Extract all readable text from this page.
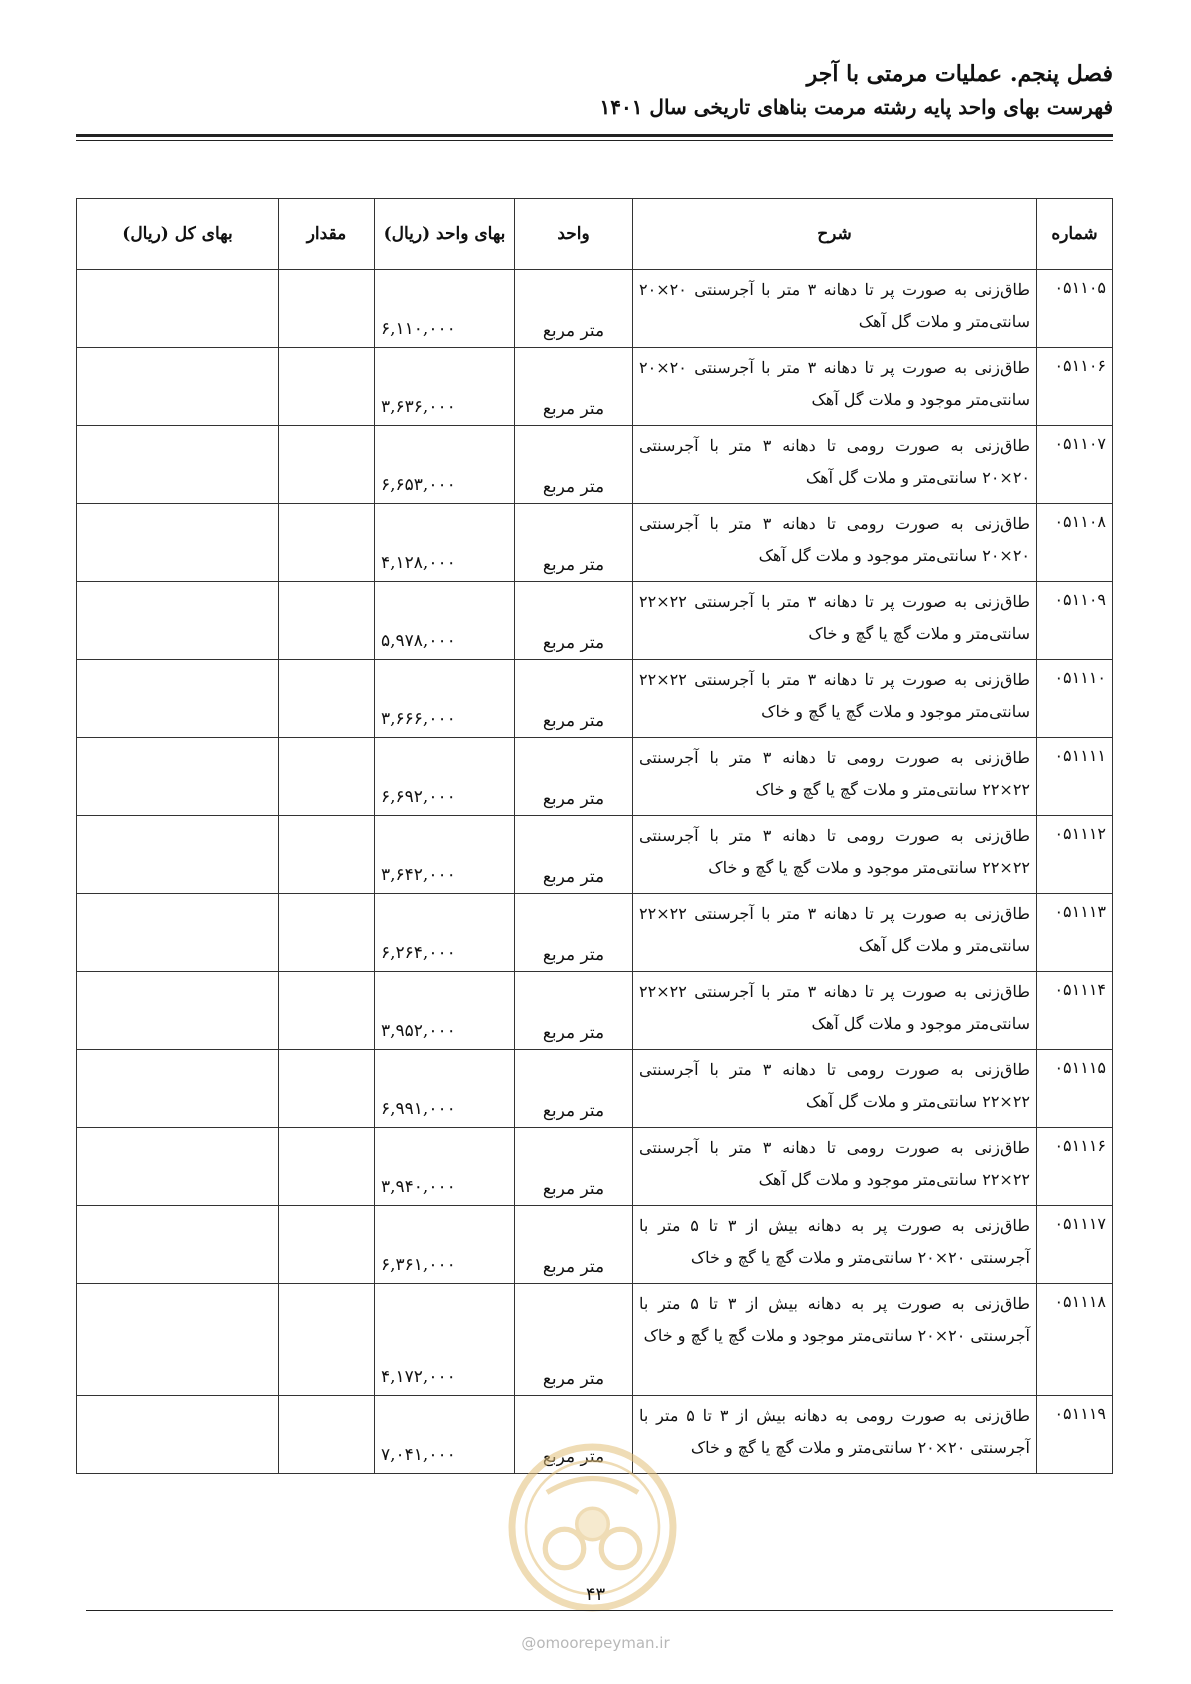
فصل پنجم. عملیات مرمتی با آجر
فهرست بهای واحد پایه رشته مرمت بناهای تاریخی سال ۱۴۰۱
شماره	شرح	واحد	بهای واحد (ریال)	مقدار	بهای کل (ریال)
۰۵۱۱۰۵	طاق‌زنی به صورت پر تا دهانه ۳ متر با آجرسنتی ۲۰×۲۰ سانتی‌متر و ملات گل آهک	متر مربع	۶,۱۱۰,۰۰۰		
۰۵۱۱۰۶	طاق‌زنی به صورت پر تا دهانه ۳ متر با آجرسنتی ۲۰×۲۰ سانتی‌متر موجود و ملات گل آهک	متر مربع	۳,۶۳۶,۰۰۰		
۰۵۱۱۰۷	طاق‌زنی به صورت رومی تا دهانه ۳ متر با آجرسنتی ۲۰×۲۰ سانتی‌متر و ملات گل آهک	متر مربع	۶,۶۵۳,۰۰۰		
۰۵۱۱۰۸	طاق‌زنی به صورت رومی تا دهانه ۳ متر با آجرسنتی ۲۰×۲۰ سانتی‌متر موجود و ملات گل آهک	متر مربع	۴,۱۲۸,۰۰۰		
۰۵۱۱۰۹	طاق‌زنی به صورت پر تا دهانه ۳ متر با آجرسنتی ۲۲×۲۲ سانتی‌متر و ملات گچ یا گچ و خاک	متر مربع	۵,۹۷۸,۰۰۰		
۰۵۱۱۱۰	طاق‌زنی به صورت پر تا دهانه ۳ متر با آجرسنتی ۲۲×۲۲ سانتی‌متر موجود و ملات گچ یا گچ و خاک	متر مربع	۳,۶۶۶,۰۰۰		
۰۵۱۱۱۱	طاق‌زنی به صورت رومی تا دهانه ۳ متر با آجرسنتی ۲۲×۲۲ سانتی‌متر و ملات گچ یا گچ و خاک	متر مربع	۶,۶۹۲,۰۰۰		
۰۵۱۱۱۲	طاق‌زنی به صورت رومی تا دهانه ۳ متر با آجرسنتی ۲۲×۲۲ سانتی‌متر موجود و ملات گچ یا گچ و خاک	متر مربع	۳,۶۴۲,۰۰۰		
۰۵۱۱۱۳	طاق‌زنی به صورت پر تا دهانه ۳ متر با آجرسنتی ۲۲×۲۲ سانتی‌متر و ملات گل آهک	متر مربع	۶,۲۶۴,۰۰۰		
۰۵۱۱۱۴	طاق‌زنی به صورت پر تا دهانه ۳ متر با آجرسنتی ۲۲×۲۲ سانتی‌متر موجود و ملات گل آهک	متر مربع	۳,۹۵۲,۰۰۰		
۰۵۱۱۱۵	طاق‌زنی به صورت رومی تا دهانه ۳ متر با آجرسنتی ۲۲×۲۲ سانتی‌متر و ملات گل آهک	متر مربع	۶,۹۹۱,۰۰۰		
۰۵۱۱۱۶	طاق‌زنی به صورت رومی تا دهانه ۳ متر با آجرسنتی ۲۲×۲۲ سانتی‌متر موجود و ملات گل آهک	متر مربع	۳,۹۴۰,۰۰۰		
۰۵۱۱۱۷	طاق‌زنی به صورت پر به دهانه بیش از ۳ تا ۵ متر با آجرسنتی ۲۰×۲۰ سانتی‌متر و ملات گچ یا گچ و خاک	متر مربع	۶,۳۶۱,۰۰۰		
۰۵۱۱۱۸	طاق‌زنی به صورت پر به دهانه بیش از ۳ تا ۵ متر با آجرسنتی ۲۰×۲۰ سانتی‌متر موجود و ملات گچ یا گچ و خاک	متر مربع	۴,۱۷۲,۰۰۰		
۰۵۱۱۱۹	طاق‌زنی به صورت رومی به دهانه بیش از ۳ تا ۵ متر با آجرسنتی ۲۰×۲۰ سانتی‌متر و ملات گچ یا گچ و خاک	متر مربع	۷,۰۴۱,۰۰۰		
۴۳
@omoorepeyman.ir
